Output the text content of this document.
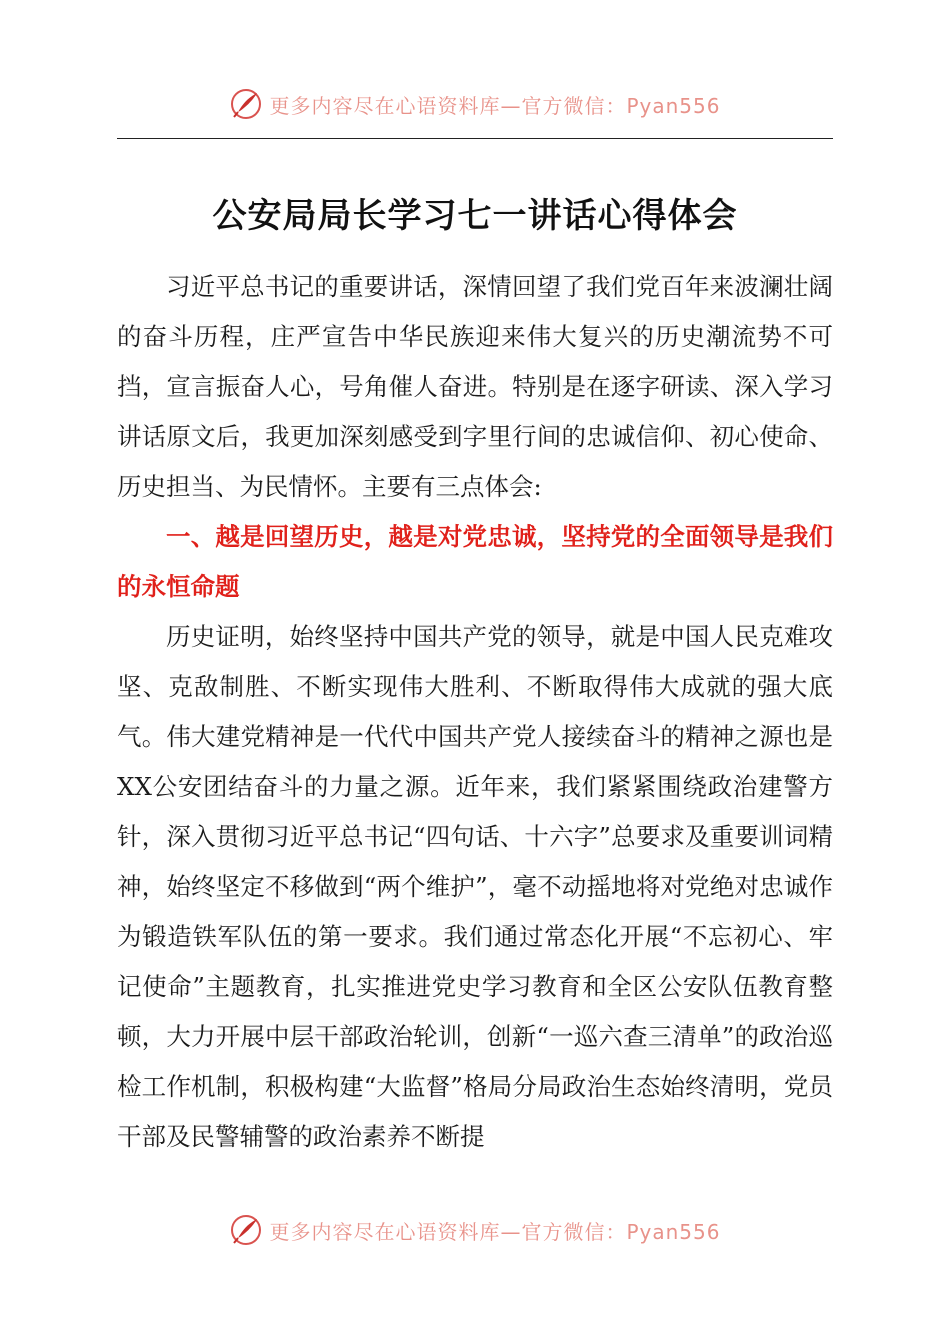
更多内容尽在心语资料库—官方微信：Pyan556
公安局局长学习七一讲话心得体会

习近平总书记的重要讲话，深情回望了我们党百年来波澜壮阔的奋斗历程，庄严宣告中华民族迎来伟大复兴的历史潮流势不可挡，宣言振奋人心，号角催人奋进。特别是在逐字研读、深入学习讲话原文后，我更加深刻感受到字里行间的忠诚信仰、初心使命、历史担当、为民情怀。主要有三点体会:

一、越是回望历史，越是对党忠诚，坚持党的全面领导是我们的永恒命题

历史证明，始终坚持中国共产党的领导，就是中国人民克难攻坚、克敌制胜、不断实现伟大胜利、不断取得伟大成就的强大底气。伟大建党精神是一代代中国共产党人接续奋斗的精神之源也是XX公安团结奋斗的力量之源。近年来，我们紧紧围绕政治建警方针，深入贯彻习近平总书记“四句话、十六字”总要求及重要训词精神，始终坚定不移做到“两个维护”，毫不动摇地将对党绝对忠诚作为锻造铁军队伍的第一要求。我们通过常态化开展“不忘初心、牢记使命”主题教育，扎实推进党史学习教育和全区公安队伍教育整顿，大力开展中层干部政治轮训，创新“一巡六查三清单”的政治巡检工作机制，积极构建“大监督”格局分局政治生态始终清明，党员干部及民警辅警的政治素养不断提

更多内容尽在心语资料库—官方微信：Pyan556
